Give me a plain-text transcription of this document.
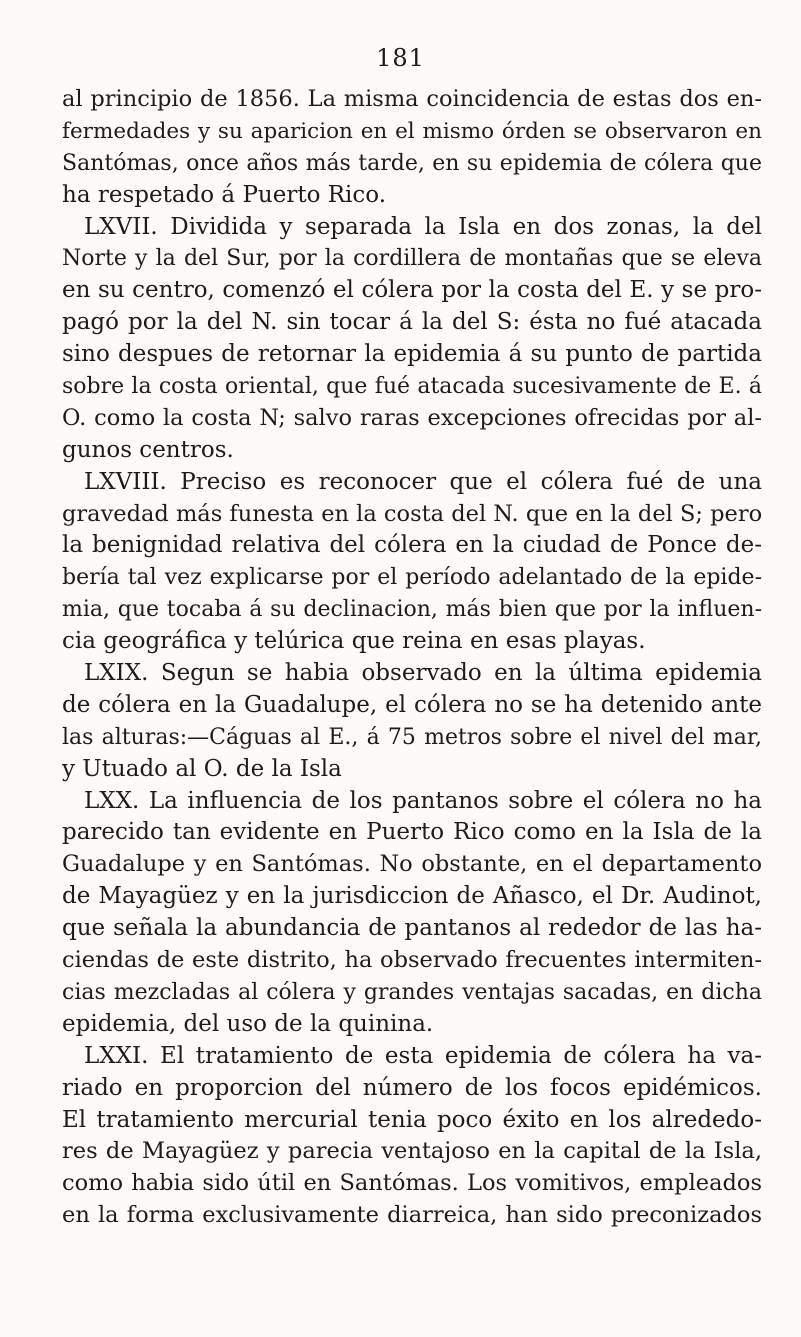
181
al principio de 1856. La misma coincidencia de estas dos en-
fermedades y su aparicion en el mismo órden se observaron en
Santómas, once años más tarde, en su epidemia de cólera que
ha respetado á Puerto Rico.
LXVII. Dividida y separada la Isla en dos zonas, la del
Norte y la del Sur, por la cordillera de montañas que se eleva
en su centro, comenzó el cólera por la costa del E. y se pro-
pagó por la del N. sin tocar á la del S: ésta no fué atacada
sino despues de retornar la epidemia á su punto de partida
sobre la costa oriental, que fué atacada sucesivamente de E. á
O. como la costa N; salvo raras excepciones ofrecidas por al-
gunos centros.
LXVIII. Preciso es reconocer que el cólera fué de una
gravedad más funesta en la costa del N. que en la del S; pero
la benignidad relativa del cólera en la ciudad de Ponce de-
bería tal vez explicarse por el período adelantado de la epide-
mia, que tocaba á su declinacion, más bien que por la influen-
cia geográfica y telúrica que reina en esas playas.
LXIX. Segun se habia observado en la última epidemia
de cólera en la Guadalupe, el cólera no se ha detenido ante
las alturas:—Cáguas al E., á 75 metros sobre el nivel del mar,
y Utuado al O. de la Isla
LXX. La influencia de los pantanos sobre el cólera no ha
parecido tan evidente en Puerto Rico como en la Isla de la
Guadalupe y en Santómas. No obstante, en el departamento
de Mayagüez y en la jurisdiccion de Añasco, el Dr. Audinot,
que señala la abundancia de pantanos al rededor de las ha-
ciendas de este distrito, ha observado frecuentes intermiten-
cias mezcladas al cólera y grandes ventajas sacadas, en dicha
epidemia, del uso de la quinina.
LXXI. El tratamiento de esta epidemia de cólera ha va-
riado en proporcion del número de los focos epidémicos.
El tratamiento mercurial tenia poco éxito en los alrededo-
res de Mayagüez y parecia ventajoso en la capital de la Isla,
como habia sido útil en Santómas. Los vomitivos, empleados
en la forma exclusivamente diarreica, han sido preconizados
